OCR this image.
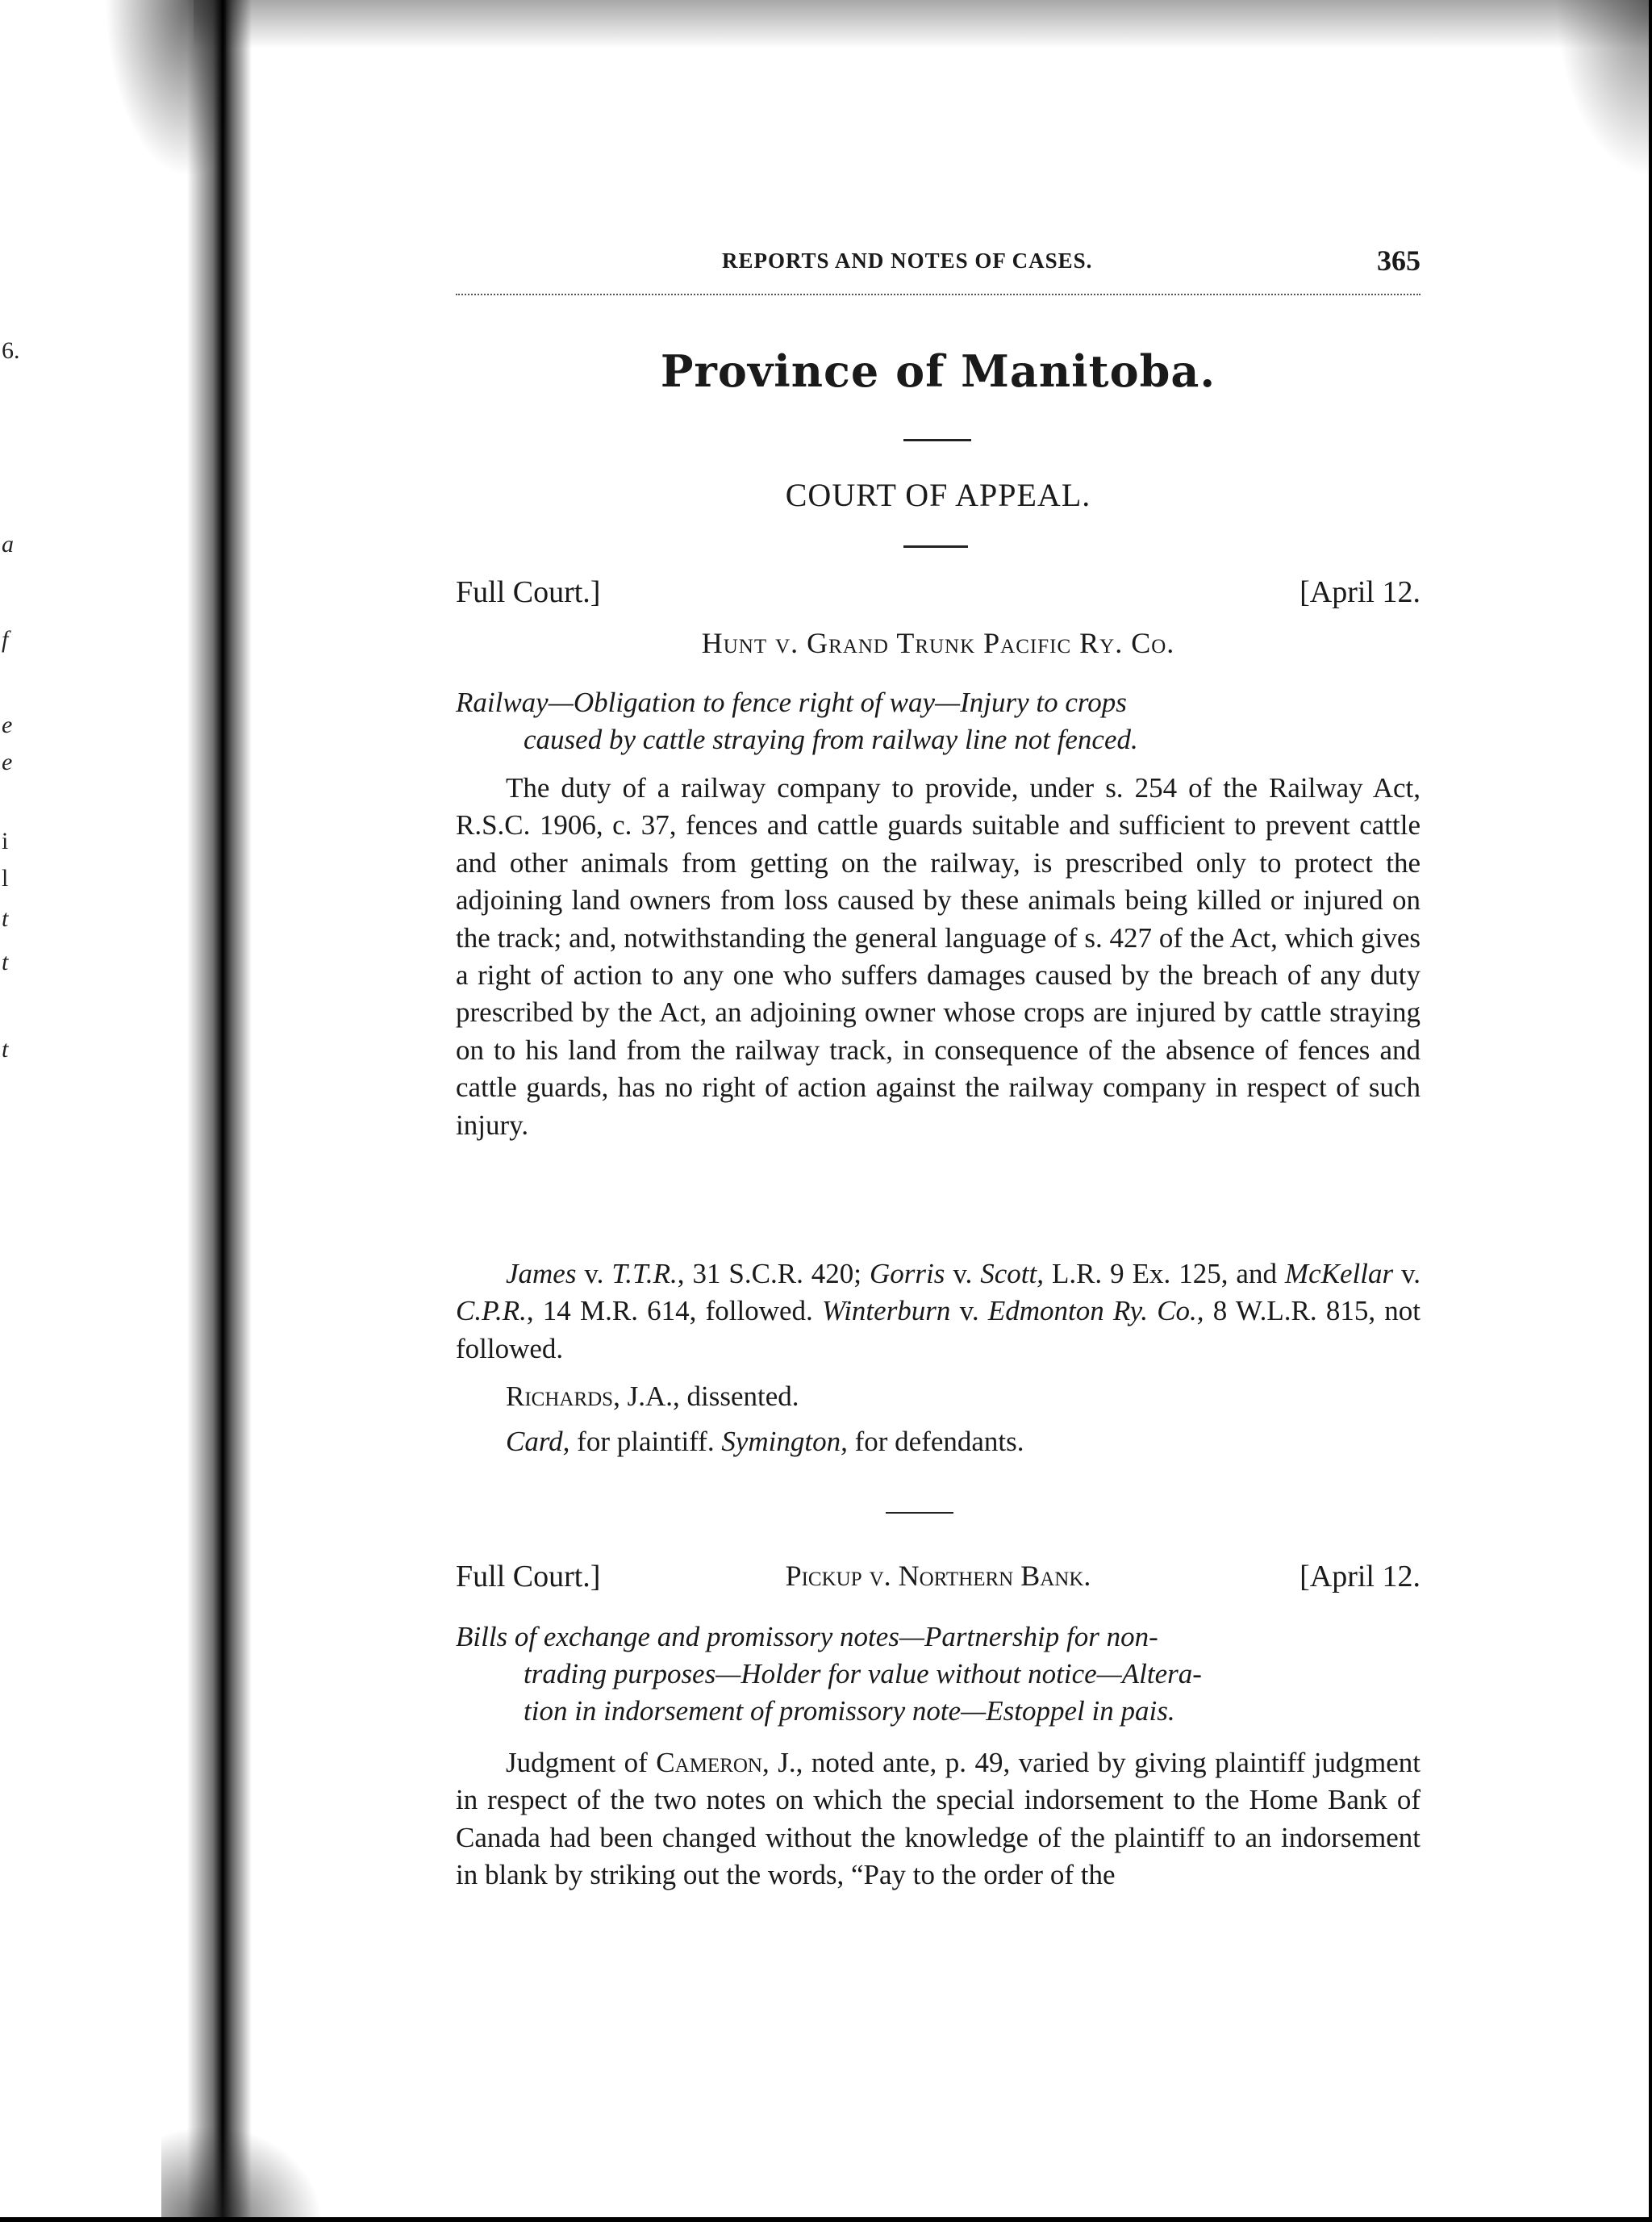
6.
a
f
e
e
i
l
t
t
t
REPORTS AND NOTES OF CASES.	365
Province of Manitoba.
COURT OF APPEAL.
Full Court.]	[April 12.
Hunt v. Grand Trunk Pacific Ry. Co.
Railway—Obligation to fence right of way—Injury to crops
caused by cattle straying from railway line not fenced.
The duty of a railway company to provide, under s. 254 of the Railway Act, R.S.C. 1906, c. 37, fences and cattle guards suitable and sufficient to prevent cattle and other animals from getting on the railway, is prescribed only to protect the adjoining land owners from loss caused by these animals being killed or injured on the track; and, notwithstanding the general language of s. 427 of the Act, which gives a right of action to any one who suffers damages caused by the breach of any duty prescribed by the Act, an adjoining owner whose crops are injured by cattle straying on to his land from the railway track, in consequence of the absence of fences and cattle guards, has no right of action against the railway company in respect of such injury.
James v. T.T.R., 31 S.C.R. 420; Gorris v. Scott, L.R. 9 Ex. 125, and McKellar v. C.P.R., 14 M.R. 614, followed. Winterburn v. Edmonton Ry. Co., 8 W.L.R. 815, not followed.
Richards, J.A., dissented.
Card, for plaintiff. Symington, for defendants.
Full Court.]	Pickup v. Northern Bank.	[April 12.
Bills of exchange and promissory notes—Partnership for non-
trading purposes—Holder for value without notice—Altera-
tion in indorsement of promissory note—Estoppel in pais.
Judgment of Cameron, J., noted ante, p. 49, varied by giving plaintiff judgment in respect of the two notes on which the special indorsement to the Home Bank of Canada had been changed without the knowledge of the plaintiff to an indorsement in blank by striking out the words, “Pay to the order of the
